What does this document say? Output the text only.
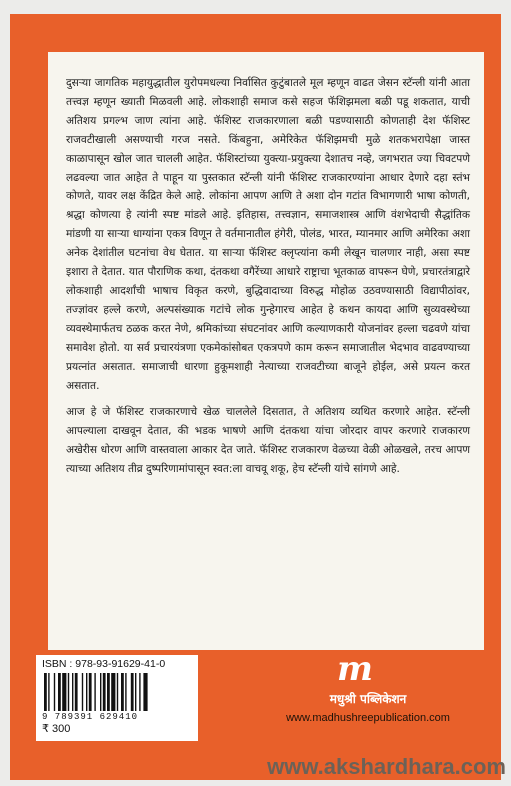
दुसऱ्या जागतिक महायुद्धातील युरोपमधल्या निर्वासित कुटुंबातले मूल म्हणून वाढत जेसन स्टॅन्ली यांनी आता तत्त्वज्ञ म्हणून ख्याती मिळवली आहे. लोकशाही समाज कसे सहज फॅशिझमला बळी पडू शकतात, याची अतिशय प्रगल्भ जाण त्यांना आहे. फॅशिस्ट राजकारणाला बळी पडण्यासाठी कोणताही देश फॅशिस्ट राजवटीखाली असण्याची गरज नसते. किंबहुना, अमेरिकेत फॅशिझमची मुळे शतकभरापेक्षा जास्त काळापासून खोल जात चालली आहेत. फॅशिस्टांच्या युक्त्या-प्रयुक्त्या देशातच नव्हे, जगभरात ज्या चिवटपणे लढवल्या जात आहेत ते पाहून या पुस्तकात स्टॅन्ली यांनी फॅशिस्ट राजकारण्यांना आधार देणारे दहा स्तंभ कोणते, यावर लक्ष केंद्रित केले आहे. लोकांना आपण आणि ते अशा दोन गटांत विभागणारी भाषा कोणती, श्रद्धा कोणत्या हे त्यांनी स्पष्ट मांडले आहे. इतिहास, तत्त्वज्ञान, समाजशास्त्र आणि वंशभेदाची सैद्धांतिक मांडणी या साऱ्या धाग्यांना एकत्र विणून ते वर्तमानातील हंगेरी, पोलंड, भारत, म्यानमार आणि अमेरिका अशा अनेक देशांतील घटनांचा वेध घेतात. या साऱ्या फॅशिस्ट क्लृप्त्यांना कमी लेखून चालणार नाही, असा स्पष्ट इशारा ते देतात. यात पौराणिक कथा, दंतकथा वगैरेंच्या आधारे राष्ट्राचा भूतकाळ वापरून घेणे, प्रचारतंत्राद्वारे लोकशाही आदर्शांची भाषाच विकृत करणे, बुद्धिवादाच्या विरुद्ध मोहोळ उठवण्यासाठी विद्यापीठांवर, तज्ज्ञांवर हल्ले करणे, अल्पसंख्याक गटांचे लोक गुन्हेगारच आहेत हे कथन कायदा आणि सुव्यवस्थेच्या व्यवस्थेमार्फतच ठळक करत नेणे, श्रमिकांच्या संघटनांवर आणि कल्याणकारी योजनांवर हल्ला चढवणे यांचा समावेश होतो. या सर्व प्रचारयंत्रणा एकमेकांसोबत एकत्रपणे काम करून समाजातील भेदभाव वाढवण्याच्या प्रयत्नांत असतात. समाजाची धारणा हुकूमशाही नेत्याच्या राजवटीच्या बाजूने होईल, असे प्रयत्न करत असतात.

आज हे जे फॅशिस्ट राजकारणाचे खेळ चाललेले दिसतात, ते अतिशय व्यथित करणारे आहेत. स्टॅन्ली आपल्याला दाखवून देतात, की भडक भाषणे आणि दंतकथा यांचा जोरदार वापर करणारे राजकारण अखेरीस धोरण आणि वास्तवाला आकार देत जाते. फॅशिस्ट राजकारण वेळच्या वेळी ओळखले, तरच आपण त्याच्या अतिशय तीव्र दुष्परिणामांपासून स्वत:ला वाचवू शकू, हेच स्टॅन्ली यांचे सांगणे आहे.

ISBN : 978-93-91629-41-0
9 789391 629410
₹ 300
m
मधुश्री पब्लिकेशन
www.madhushreepublication.com
www.akshardhara.com
